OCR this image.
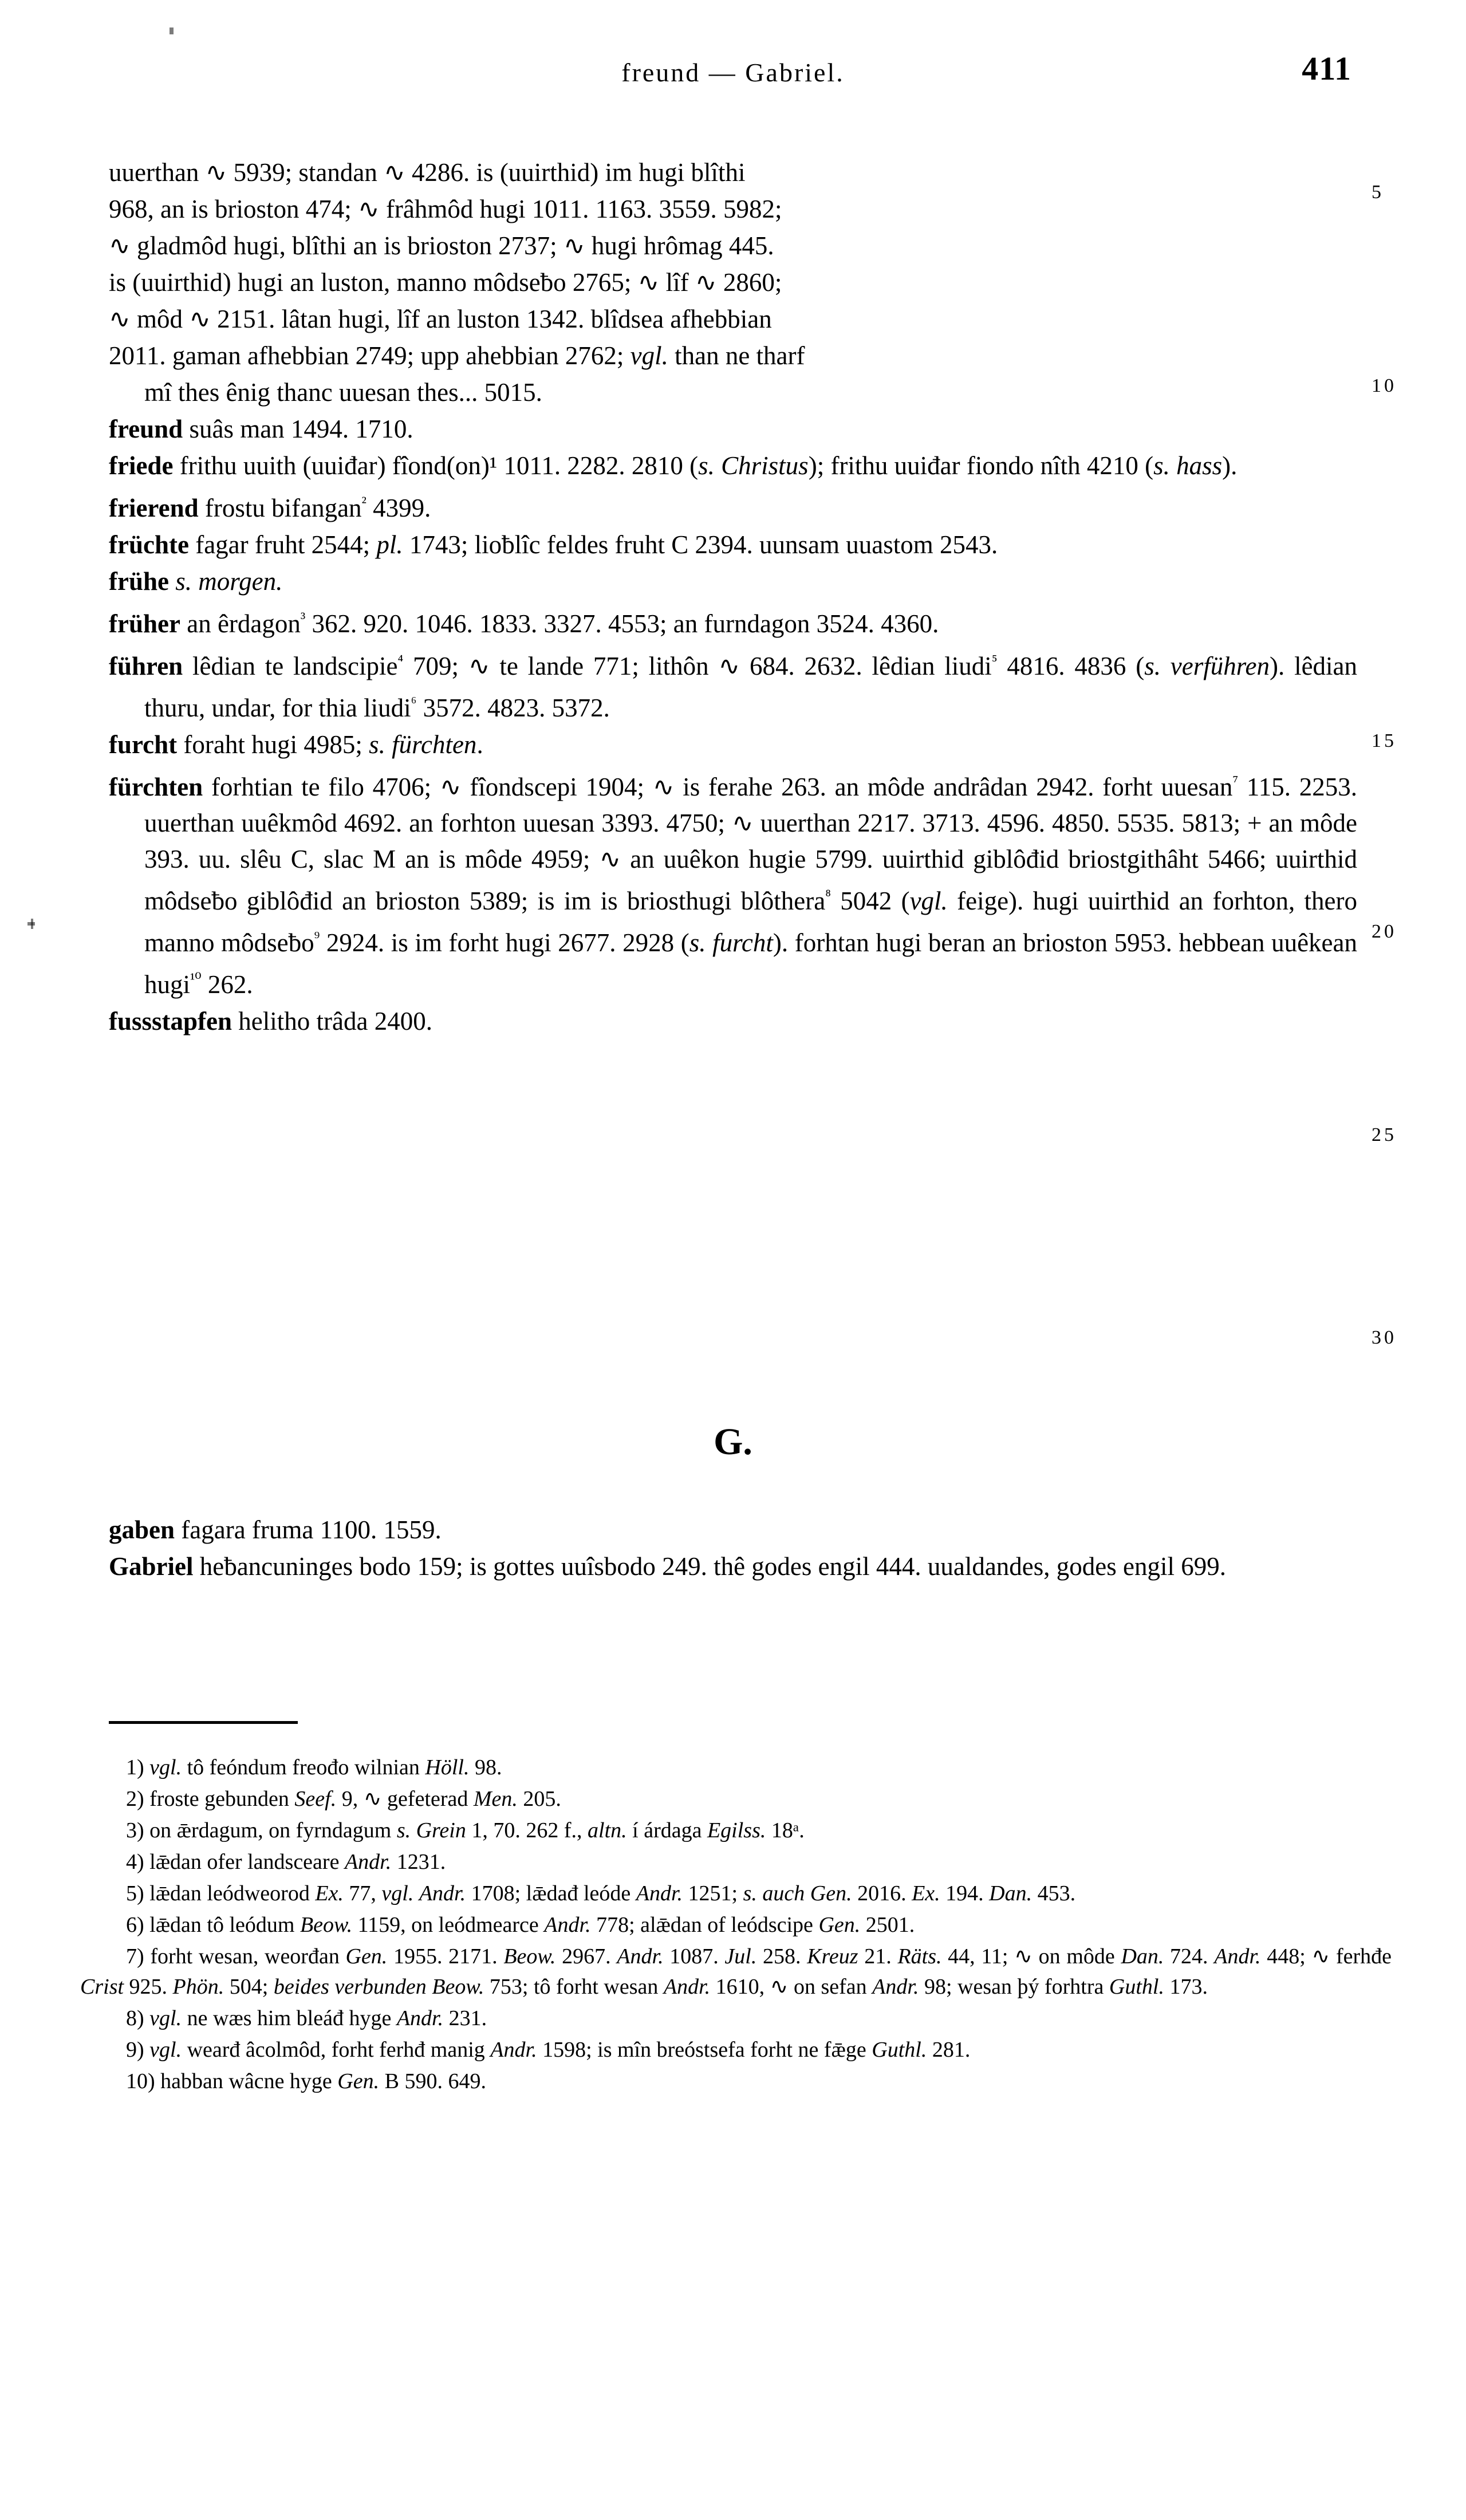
freund — Gabriel.	411
5
10
15
20
25
30
uuerthan ∿ 5939; standan ∿ 4286. is (uuirthid) im hugi blîthi
968, an is brioston 474; ∿ frâhmôd hugi 1011. 1163. 3559. 5982;
∿ gladmôd hugi, blîthi an is brioston 2737; ∿ hugi hrômag 445.
is (uuirthid) hugi an luston, manno môdseƀo 2765; ∿ lîf ∿ 2860;
∿ môd ∿ 2151. lâtan hugi, lîf an luston 1342. blîdsea afhebbian
2011. gaman afhebbian 2749; upp ahebbian 2762; vgl. than ne tharf
mî thes ênig thanc uuesan thes... 5015.
freund suâs man 1494. 1710.
friede frithu uuith (uuiđar) fîond(on)¹ 1011. 2282. 2810 (s. Christus); frithu uuiđar fiondo nîth 4210 (s. hass).
frierend frostu bifangan$^{^2}$ 4399.
früchte fagar fruht 2544; pl. 1743; lioƀlîc feldes fruht C 2394. uunsam uuastom 2543.
frühe s. morgen.
früher an êrdagon$^{^3}$ 362. 920. 1046. 1833. 3327. 4553; an furndagon 3524. 4360.
führen lêdian te landscipie$^{^4}$ 709; ∿ te lande 771; lithôn ∿ 684. 2632. lêdian liudi$^{^5}$ 4816. 4836 (s. verführen). lêdian thuru, undar, for thia liudi$^{^6}$ 3572. 4823. 5372.
furcht foraht hugi 4985; s. fürchten.
fürchten forhtian te filo 4706; ∿ fîondscepi 1904; ∿ is ferahe 263. an môde andrâdan 2942. forht uuesan$^{^7}$ 115. 2253. uuerthan uuêkmôd 4692. an forhton uuesan 3393. 4750; ∿ uuerthan 2217. 3713. 4596. 4850. 5535. 5813; + an môde 393. uu. slêu C, slac M an is môde 4959; ∿ an uuêkon hugie 5799. uuirthid giblôđid briostgithâht 5466; uuirthid môdseƀo giblôđid an brioston 5389; is im is briosthugi blôthera$^{^8}$ 5042 (vgl. feige). hugi uuirthid an forhton, thero manno môdseƀo$^{^9}$ 2924. is im forht hugi 2677. 2928 (s. furcht). forhtan hugi beran an brioston 5953. hebbean uuêkean hugi$^{^{10}}$ 262.
fussstapfen helitho trâda 2400.
G.
gaben fagara fruma 1100. 1559.
Gabriel heƀancuninges bodo 159; is gottes uuîsbodo 249. thê godes engil 444. uualdandes, godes engil 699.
1) vgl. tô feóndum freođo wilnian Höll. 98.
2) froste gebunden Seef. 9, ∿ gefeterad Men. 205.
3) on ǣrdagum, on fyrndagum s. Grein 1, 70. 262 f., altn. í árdaga Egilss. 18ᵃ.
4) lǣdan ofer landsceare Andr. 1231.
5) lǣdan leódweorod Ex. 77, vgl. Andr. 1708; lǣdađ leóde Andr. 1251; s. auch Gen. 2016. Ex. 194. Dan. 453.
6) lǣdan tô leódum Beow. 1159, on leódmearce Andr. 778; alǣdan of leódscipe Gen. 2501.
7) forht wesan, weorđan Gen. 1955. 2171. Beow. 2967. Andr. 1087. Jul. 258. Kreuz 21. Räts. 44, 11; ∿ on môde Dan. 724. Andr. 448; ∿ ferhđe Crist 925. Phön. 504; beides verbunden Beow. 753; tô forht wesan Andr. 1610, ∿ on sefan Andr. 98; wesan þý forhtra Guthl. 173.
8) vgl. ne wæs him bleáđ hyge Andr. 231.
9) vgl. wearđ âcolmôd, forht ferhđ manig Andr. 1598; is mîn breóstsefa forht ne fǣge Guthl. 281.
10) habban wâcne hyge Gen. B 590. 649.
